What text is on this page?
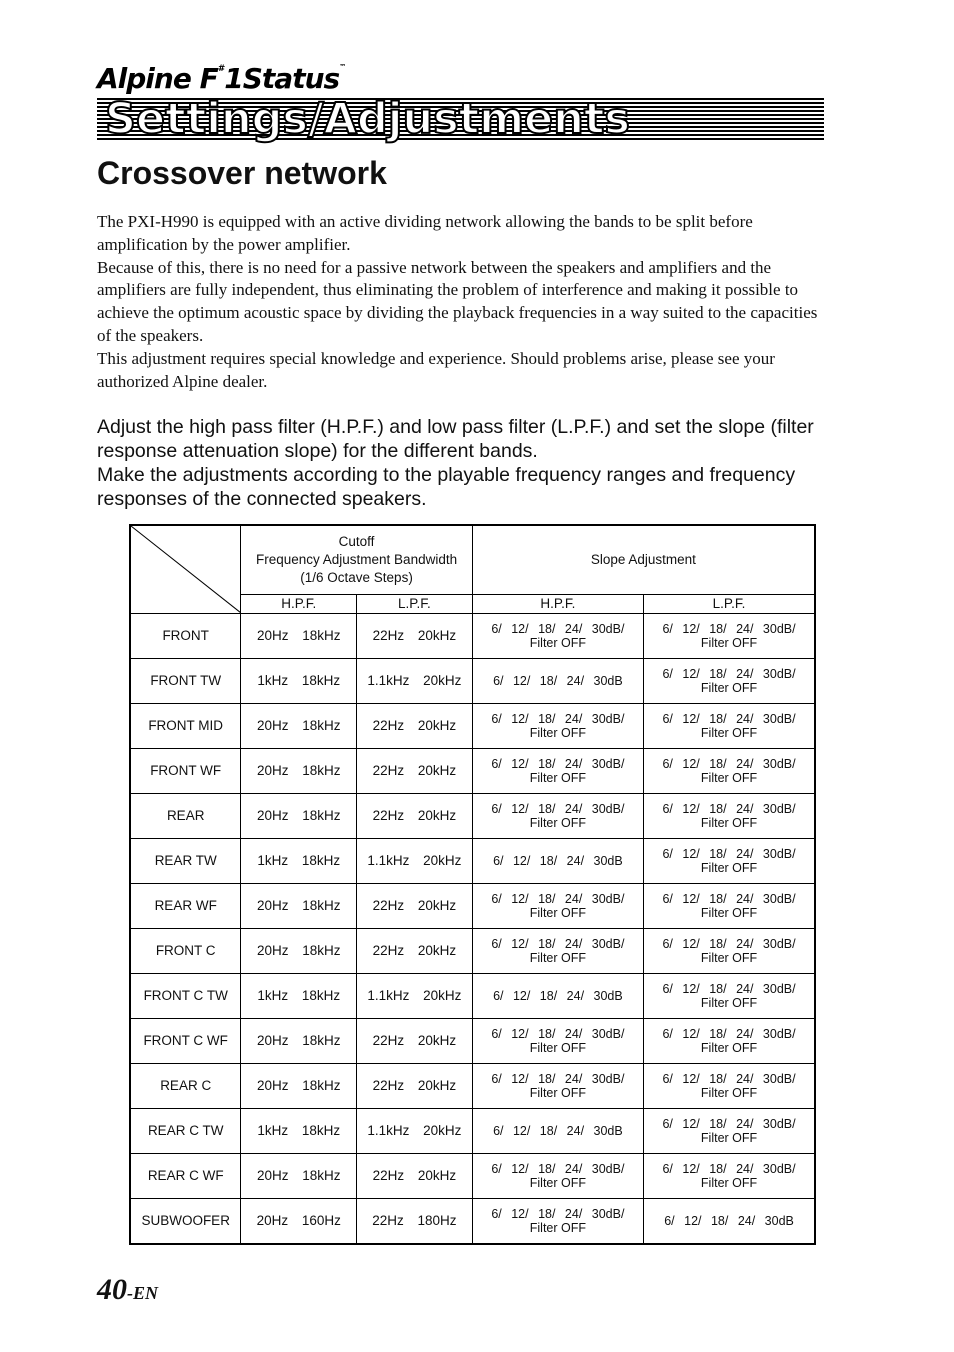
Alpine F#1Status™
Settings/Adjustments
Crossover network

The PXI-H990 is equipped with an active dividing network allowing the bands to be split before amplification by the power amplifier.

Because of this, there is no need for a passive network between the speakers and amplifiers and the amplifiers are fully independent, thus eliminating the problem of interference and making it possible to achieve the optimum acoustic space by dividing the playback frequencies in a way suited to the capacities of the speakers.

This adjustment requires special knowledge and experience. Should problems arise, please see your authorized Alpine dealer.

Adjust the high pass filter (H.P.F.) and low pass filter (L.P.F.) and set the slope (filter response attenuation slope) for the different bands.

Make the adjustments according to the playable frequency ranges and frequency responses of the connected speakers.

Cutoff
Frequency Adjustment Bandwidth
(1/6 Octave Steps)		Slope Adjustment	
	H.P.F.	L.P.F.	H.P.F.	L.P.F.
FRONT	20Hz 18kHz	22Hz 20kHz	6/ 12/ 18/ 24/ 30dB/
Filter OFF	6/ 12/ 18/ 24/ 30dB/
Filter OFF

FRONT TW	1kHz 18kHz	1.1kHz 20kHz	6/ 12/ 18/ 24/ 30dB	6/ 12/ 18/ 24/ 30dB/
Filter OFF

FRONT MID	20Hz 18kHz	22Hz 20kHz	6/ 12/ 18/ 24/ 30dB/
Filter OFF	6/ 12/ 18/ 24/ 30dB/
Filter OFF

FRONT WF	20Hz 18kHz	22Hz 20kHz	6/ 12/ 18/ 24/ 30dB/
Filter OFF	6/ 12/ 18/ 24/ 30dB/
Filter OFF

REAR	20Hz 18kHz	22Hz 20kHz	6/ 12/ 18/ 24/ 30dB/
Filter OFF	6/ 12/ 18/ 24/ 30dB/
Filter OFF

REAR TW	1kHz 18kHz	1.1kHz 20kHz	6/ 12/ 18/ 24/ 30dB	6/ 12/ 18/ 24/ 30dB/
Filter OFF

REAR WF	20Hz 18kHz	22Hz 20kHz	6/ 12/ 18/ 24/ 30dB/
Filter OFF	6/ 12/ 18/ 24/ 30dB/
Filter OFF

FRONT C	20Hz 18kHz	22Hz 20kHz	6/ 12/ 18/ 24/ 30dB/
Filter OFF	6/ 12/ 18/ 24/ 30dB/
Filter OFF

FRONT C TW	1kHz 18kHz	1.1kHz 20kHz	6/ 12/ 18/ 24/ 30dB	6/ 12/ 18/ 24/ 30dB/
Filter OFF

FRONT C WF	20Hz 18kHz	22Hz 20kHz	6/ 12/ 18/ 24/ 30dB/
Filter OFF	6/ 12/ 18/ 24/ 30dB/
Filter OFF

REAR C	20Hz 18kHz	22Hz 20kHz	6/ 12/ 18/ 24/ 30dB/
Filter OFF	6/ 12/ 18/ 24/ 30dB/
Filter OFF

REAR C TW	1kHz 18kHz	1.1kHz 20kHz	6/ 12/ 18/ 24/ 30dB	6/ 12/ 18/ 24/ 30dB/
Filter OFF

REAR C WF	20Hz 18kHz	22Hz 20kHz	6/ 12/ 18/ 24/ 30dB/
Filter OFF	6/ 12/ 18/ 24/ 30dB/
Filter OFF

SUBWOOFER	20Hz 160Hz	22Hz 180Hz	6/ 12/ 18/ 24/ 30dB/
Filter OFF	6/ 12/ 18/ 24/ 30dB
40-EN
